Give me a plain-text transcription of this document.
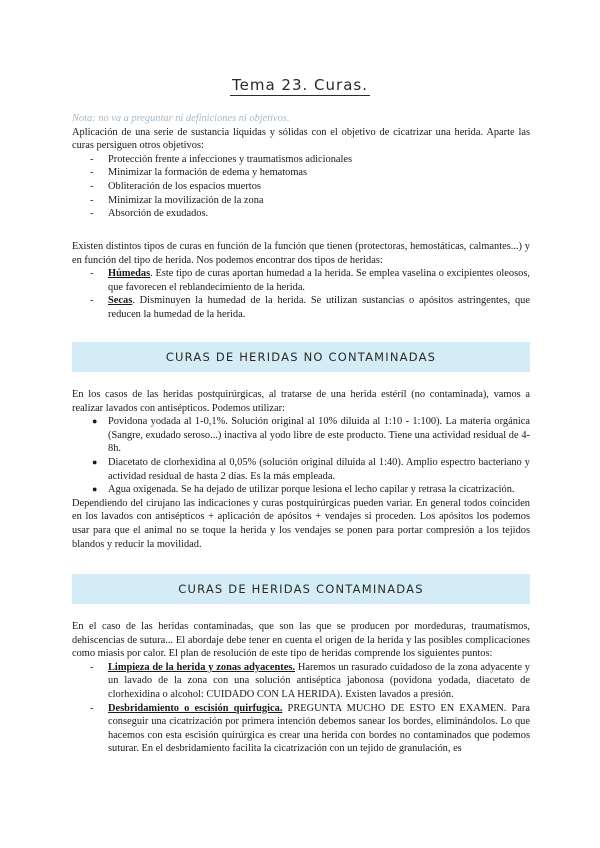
Tema 23. Curas.
Nota: no va a preguntar ni definiciones ni objetivos.
Aplicación de una serie de sustancia líquidas y sólidas con el objetivo de cicatrizar una herida. Aparte las curas persiguen otros objetivos:
- Protección frente a infecciones y traumatismos adicionales
- Minimizar la formación de edema y hematomas
- Obliteración de los espacios muertos
- Minimizar la movilización de la zona
- Absorción de exudados.
Existen distintos tipos de curas en función de la función que tienen (protectoras, hemostáticas, calmantes...) y en función del tipo de herida. Nos podemos encontrar dos tipos de heridas:
- Húmedas. Este tipo de curas aportan humedad a la herida. Se emplea vaselina o excipientes oleosos, que favorecen el reblandecimiento de la herida.
- Secas. Disminuyen la humedad de la herida. Se utilizan sustancias o apósitos astringentes, que reducen la humedad de la herida.
CURAS DE HERIDAS NO CONTAMINADAS
En los casos de las heridas postquirúrgicas, al tratarse de una herida estéril (no contaminada), vamos a realizar lavados con antisépticos. Podemos utilizar:
● Povidona yodada al 1-0,1%. Solución original al 10% diluida al 1:10 - 1:100). La materia orgánica (Sangre, exudado seroso...) inactiva al yodo libre de este producto. Tiene una actividad residual de 4-8h.
● Diacetato de clorhexidina al 0,05% (solución original diluida al 1:40). Amplio espectro bacteriano y actividad residual de hasta 2 días. Es la más empleada.
● Agua oxigenada. Se ha dejado de utilizar porque lesiona el lecho capilar y retrasa la cicatrización.
Dependiendo del cirujano las indicaciones y curas postquirúrgicas pueden variar. En general todos coinciden en los lavados con antisépticos + aplicación de apósitos + vendajes si proceden. Los apósitos los podemos usar para que el animal no se toque la herida y los vendajes se ponen para portar compresión a los tejidos blandos y reducir la movilidad.
CURAS DE HERIDAS CONTAMINADAS
En el caso de las heridas contaminadas, que son las que se producen por mordeduras, traumatismos, dehiscencias de sutura... El abordaje debe tener en cuenta el origen de la herida y las posibles complicaciones como miasis por calor. El plan de resolución de este tipo de heridas comprende los siguientes puntos:
- Limpieza de la herida y zonas adyacentes. Haremos un rasurado cuidadoso de la zona adyacente y un lavado de la zona con una solución antiséptica jabonosa (povidona yodada, diacetato de clorhexidina o alcohol: CUIDADO CON LA HERIDA). Existen lavados a presión.
- Desbridamiento o escisión quirfugica. PREGUNTA MUCHO DE ESTO EN EXAMEN. Para conseguir una cicatrización por primera intención debemos sanear los bordes, eliminándolos. Lo que hacemos con esta escisión quirúrgica es crear una herida con bordes no contaminados que podemos suturar. En el desbridamiento facilita la cicatrización con un tejido de granulación, es
